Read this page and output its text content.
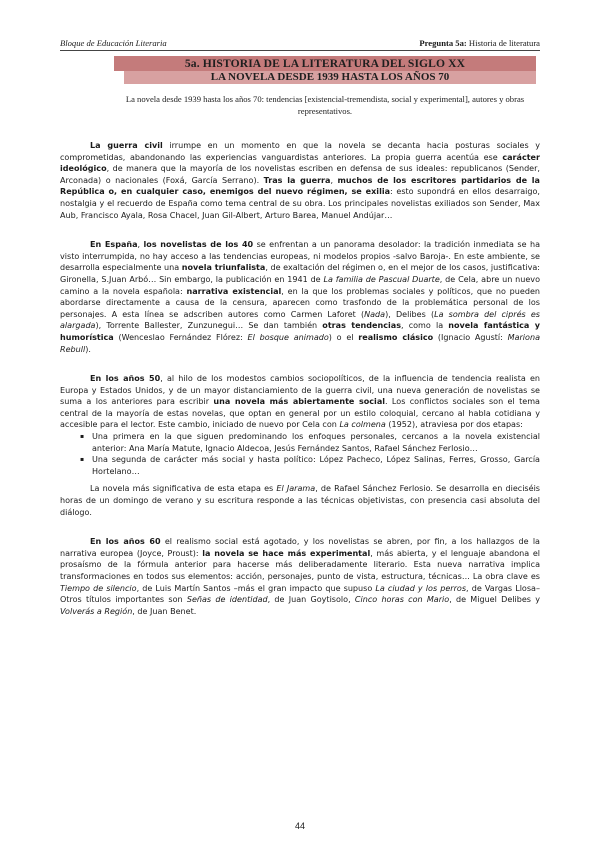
Bloque de Educación Literaria	Pregunta 5a: Historia de literatura
5a. HISTORIA DE LA LITERATURA DEL SIGLO XX
LA NOVELA DESDE 1939 HASTA LOS AÑOS 70
La novela desde 1939 hasta los años 70: tendencias [existencial-tremendista, social y experimental], autores y obras representativos.

La guerra civil irrumpe en un momento en que la novela se decanta hacia posturas sociales y comprometidas, abandonando las experiencias vanguardistas anteriores. La propia guerra acentúa ese carácter ideológico, de manera que la mayoría de los novelistas escriben en defensa de sus ideales: republicanos (Sender, Arconada) o nacionales (Foxá, García Serrano). Tras la guerra, muchos de los escritores partidarios de la República o, en cualquier caso, enemigos del nuevo régimen, se exilia: esto supondrá en ellos desarraigo, nostalgia y el recuerdo de España como tema central de su obra. Los principales novelistas exiliados son Sender, Max Aub, Francisco Ayala, Rosa Chacel, Juan Gil-Albert, Arturo Barea, Manuel Andújar…

En España, los novelistas de los 40 se enfrentan a un panorama desolador: la tradición inmediata se ha visto interrumpida, no hay acceso a las tendencias europeas, ni modelos propios -salvo Baroja-. En este ambiente, se desarrolla especialmente una novela triunfalista, de exaltación del régimen o, en el mejor de los casos, justificativa: Gironella, S.Juan Arbó… Sin embargo, la publicación en 1941 de La familia de Pascual Duarte, de Cela, abre un nuevo camino a la novela española: narrativa existencial, en la que los problemas sociales y políticos, que no pueden abordarse directamente a causa de la censura, aparecen como trasfondo de la problemática personal de los personajes. A esta línea se adscriben autores como Carmen Laforet (Nada), Delibes (La sombra del ciprés es alargada), Torrente Ballester, Zunzunegui… Se dan también otras tendencias, como la novela fantástica y humorística (Wenceslao Fernández Flórez: El bosque animado) o el realismo clásico (Ignacio Agustí: Mariona Rebull).

En los años 50, al hilo de los modestos cambios sociopolíticos, de la influencia de tendencia realista en Europa y Estados Unidos, y de un mayor distanciamiento de la guerra civil, una nueva generación de novelistas se suma a los anteriores para escribir una novela más abiertamente social. Los conflictos sociales son el tema central de la mayoría de estas novelas, que optan en general por un estilo coloquial, cercano al habla cotidiana y accesible para el lector. Este cambio, iniciado de nuevo por Cela con La colmena (1952), atraviesa por dos etapas:

▪ Una primera en la que siguen predominando los enfoques personales, cercanos a la novela existencial anterior: Ana María Matute, Ignacio Aldecoa, Jesús Fernández Santos, Rafael Sánchez Ferlosio…
▪ Una segunda de carácter más social y hasta político: López Pacheco, López Salinas, Ferres, Grosso, García Hortelano…

La novela más significativa de esta etapa es El Jarama, de Rafael Sánchez Ferlosio. Se desarrolla en dieciséis horas de un domingo de verano y su escritura responde a las técnicas objetivistas, con presencia casi absoluta del diálogo.

En los años 60 el realismo social está agotado, y los novelistas se abren, por fin, a los hallazgos de la narrativa europea (Joyce, Proust): la novela se hace más experimental, más abierta, y el lenguaje abandona el prosaísmo de la fórmula anterior para hacerse más deliberadamente literario. Esta nueva narrativa implica transformaciones en todos sus elementos: acción, personajes, punto de vista, estructura, técnicas… La obra clave es Tiempo de silencio, de Luis Martín Santos –más el gran impacto que supuso La ciudad y los perros, de Vargas Llosa– Otros títulos importantes son Señas de identidad, de Juan Goytisolo, Cinco horas con Mario, de Miguel Delibes y Volverás a Región, de Juan Benet.

44
